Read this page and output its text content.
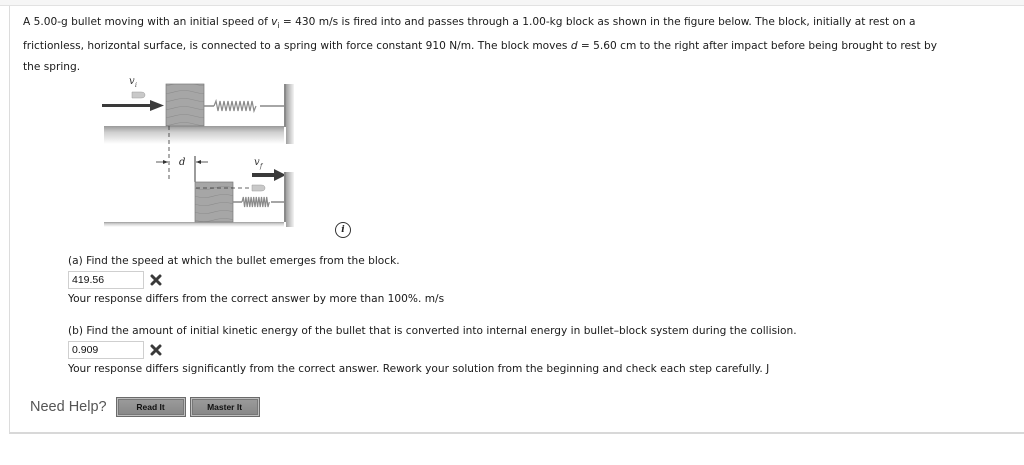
A 5.00-g bullet moving with an initial speed of $v_i = 430$ m/s is fired into and passes through a 1.00-kg block as shown in the figure below. The block, initially at rest on a
frictionless, horizontal surface, is connected to a spring with force constant 910 N/m. The block moves d = 5.60 cm to the right after impact before being brought to rest by
the spring.
v i
d	v f
i
(a) Find the speed at which the bullet emerges from the block.
419.56
Your response differs from the correct answer by more than 100%. m/s
(b) Find the amount of initial kinetic energy of the bullet that is converted into internal energy in bullet–block system during the collision.
0.909
Your response differs significantly from the correct answer. Rework your solution from the beginning and check each step carefully. J
Need Help?	Read It	Master It
